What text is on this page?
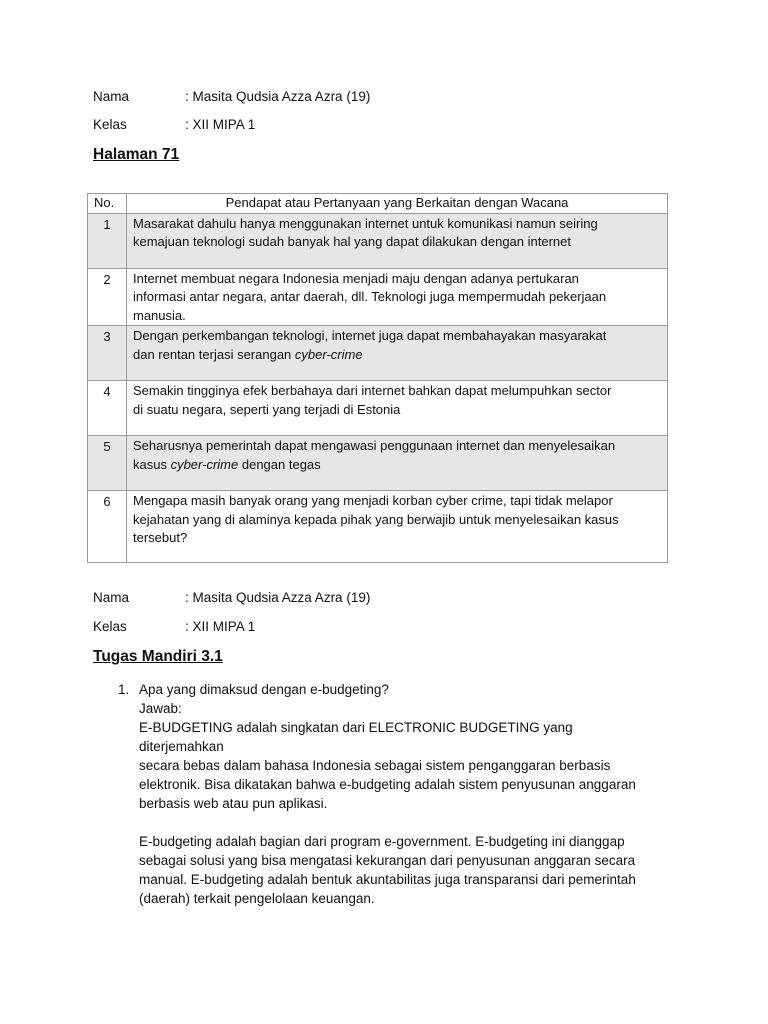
Nama	: Masita Qudsia Azza Azra (19)
Kelas	: XII MIPA 1
Halaman 71
No.	Pendapat atau Pertanyaan yang Berkaitan dengan Wacana
1	Masarakat dahulu hanya menggunakan internet untuk komunikasi namun seiring
kemajuan teknologi sudah banyak hal yang dapat dilakukan dengan internet

2	Internet membuat negara Indonesia menjadi maju dengan adanya pertukaran
informasi antar negara, antar daerah, dll. Teknologi juga mempermudah pekerjaan
manusia.

3	Dengan perkembangan teknologi, internet juga dapat membahayakan masyarakat
dan rentan terjasi serangan cyber-crime

4	Semakin tingginya efek berbahaya dari internet bahkan dapat melumpuhkan sector
di suatu negara, seperti yang terjadi di Estonia

5	Seharusnya pemerintah dapat mengawasi penggunaan internet dan menyelesaikan
kasus cyber-crime dengan tegas

6	Mengapa masih banyak orang yang menjadi korban cyber crime, tapi tidak melapor
kejahatan yang di alaminya kepada pihak yang berwajib untuk menyelesaikan kasus
tersebut?
Nama	: Masita Qudsia Azza Azra (19)
Kelas	: XII MIPA 1
Tugas Mandiri 3.1
1. Apa yang dimaksud dengan e-budgeting?

Jawab:

E-BUDGETING adalah singkatan dari ELECTRONIC BUDGETING yang diterjemahkan

secara bebas dalam bahasa Indonesia sebagai sistem penganggaran berbasis

elektronik. Bisa dikatakan bahwa e-budgeting adalah sistem penyusunan anggaran

berbasis web atau pun aplikasi.

E-budgeting adalah bagian dari program e-government. E-budgeting ini dianggap

sebagai solusi yang bisa mengatasi kekurangan dari penyusunan anggaran secara

manual. E-budgeting adalah bentuk akuntabilitas juga transparansi dari pemerintah

(daerah) terkait pengelolaan keuangan.
